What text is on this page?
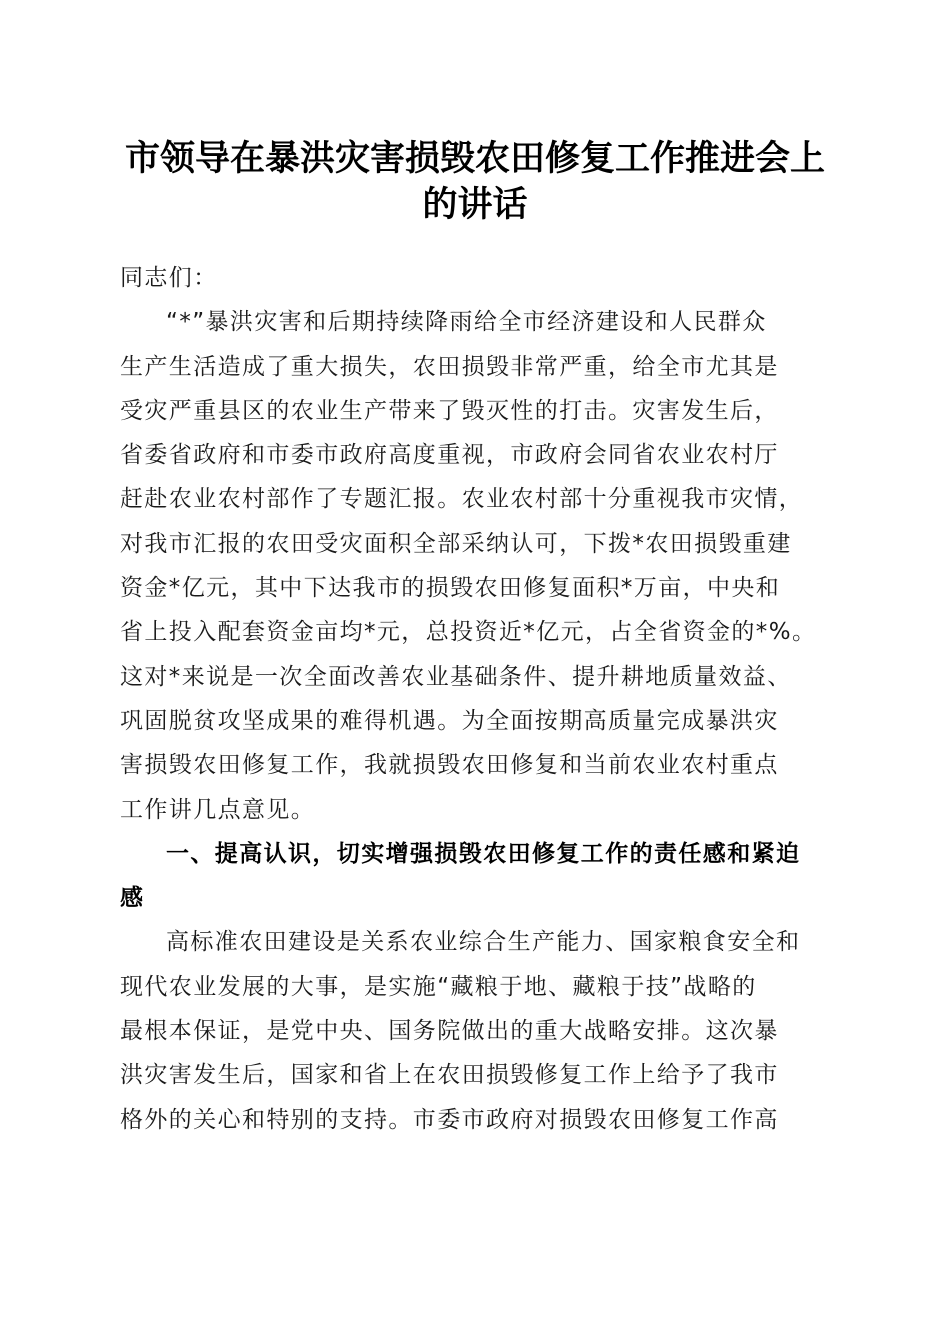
市领导在暴洪灾害损毁农田修复工作推进会上
的讲话
同志们：
“*”暴洪灾害和后期持续降雨给全市经济建设和人民群众
生产生活造成了重大损失，农田损毁非常严重，给全市尤其是
受灾严重县区的农业生产带来了毁灭性的打击。灾害发生后，
省委省政府和市委市政府高度重视，市政府会同省农业农村厅
赶赴农业农村部作了专题汇报。农业农村部十分重视我市灾情，
对我市汇报的农田受灾面积全部采纳认可，下拨*农田损毁重建
资金*亿元，其中下达我市的损毁农田修复面积*万亩，中央和
省上投入配套资金亩均*元，总投资近*亿元，占全省资金的*%。
这对*来说是一次全面改善农业基础条件、提升耕地质量效益、
巩固脱贫攻坚成果的难得机遇。为全面按期高质量完成暴洪灾
害损毁农田修复工作，我就损毁农田修复和当前农业农村重点
工作讲几点意见。
一、提高认识，切实增强损毁农田修复工作的责任感和紧迫
感
高标准农田建设是关系农业综合生产能力、国家粮食安全和
现代农业发展的大事，是实施“藏粮于地、藏粮于技”战略的
最根本保证，是党中央、国务院做出的重大战略安排。这次暴
洪灾害发生后，国家和省上在农田损毁修复工作上给予了我市
格外的关心和特别的支持。市委市政府对损毁农田修复工作高
